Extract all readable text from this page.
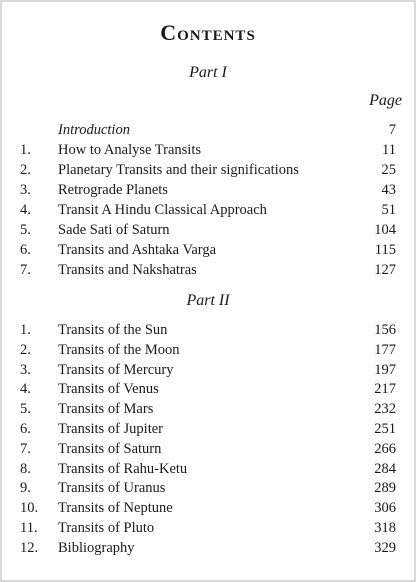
Contents
Part I
Page
Introduction	7
1. How to Analyse Transits	11
2. Planetary Transits and their significations	25
3. Retrograde Planets	43
4. Transit A Hindu Classical Approach	51
5. Sade Sati of Saturn	104
6. Transits and Ashtaka Varga	115
7. Transits and Nakshatras	127
Part II
1. Transits of the Sun	156
2. Transits of the Moon	177
3. Transits of Mercury	197
4. Transits of Venus	217
5. Transits of Mars	232
6. Transits of Jupiter	251
7. Transits of Saturn	266
8. Transits of Rahu-Ketu	284
9. Transits of Uranus	289
10. Transits of Neptune	306
11. Transits of Pluto	318
12. Bibliography	329
